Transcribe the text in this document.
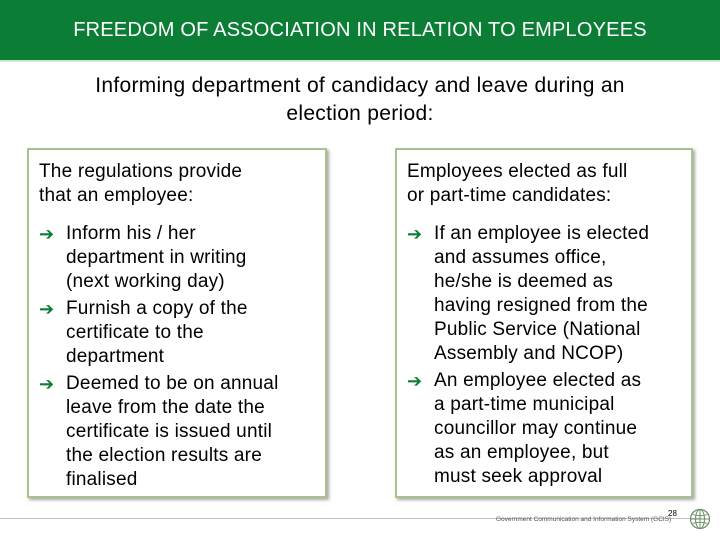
FREEDOM OF ASSOCIATION IN RELATION TO EMPLOYEES
Informing department of candidacy and leave during an
election period:
The regulations provide
that an employee:
➔ Inform his / her
department in writing
(next working day)
➔ Furnish a copy of the
certificate to the
department
➔ Deemed to be on annual
leave from the date the
certificate is issued until
the election results are
finalised
Employees elected as full
or part-time candidates:
➔ If an employee is elected
and assumes office,
he/she is deemed as
having resigned from the
Public Service (National
Assembly and NCOP)
➔ An employee elected as
a part-time municipal
councillor may continue
as an employee, but
must seek approval
28
Government Communication and Information System (GCIS)
